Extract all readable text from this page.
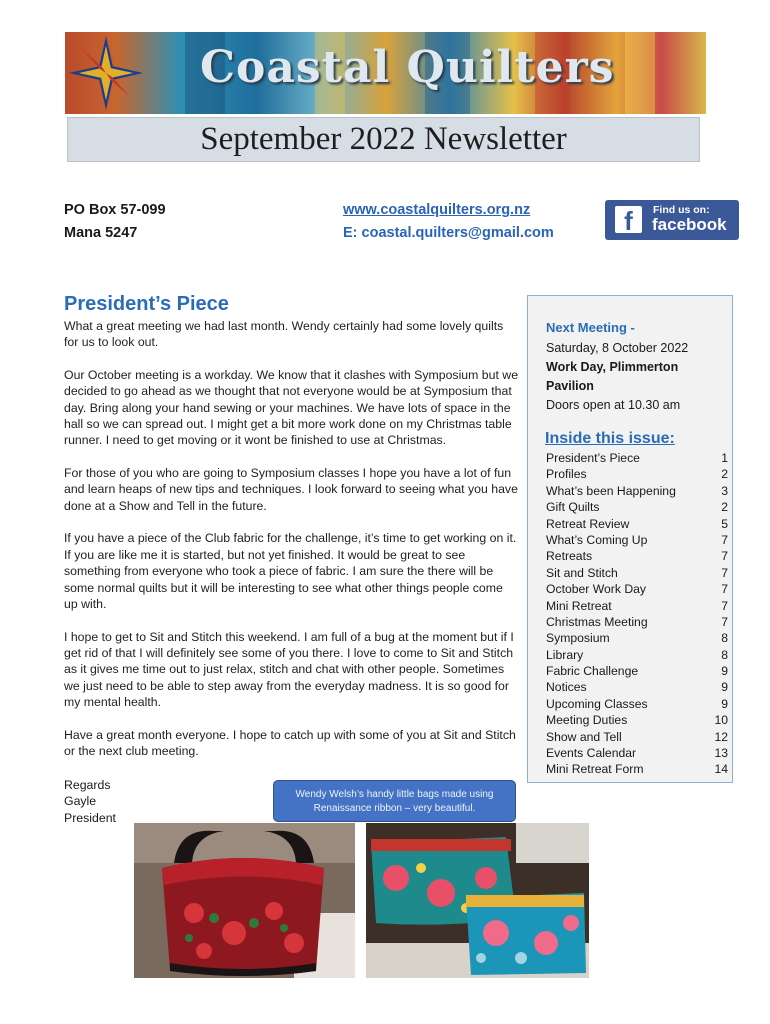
Coastal Quilters
September 2022 Newsletter
PO Box 57-099
Mana 5247
www.coastalquilters.org.nz
E: coastal.quilters@gmail.com	f	Find us on:
facebook
President’s Piece

What a great meeting we had last month. Wendy certainly had some lovely quilts for us to look out.

Our October meeting is a workday. We know that it clashes with Symposium but we decided to go ahead as we thought that not everyone would be at Symposium that day. Bring along your hand sewing or your machines. We have lots of space in the hall so we can spread out. I might get a bit more work done on my Christmas table runner. I need to get moving or it wont be finished to use at Christmas.

For those of you who are going to Symposium classes I hope you have a lot of fun and learn heaps of new tips and techniques. I look forward to seeing what you have done at a Show and Tell in the future.

If you have a piece of the Club fabric for the challenge, it’s time to get working on it. If you are like me it is started, but not yet finished. It would be great to see something from everyone who took a piece of fabric. I am sure the there will be some normal quilts but it will be interesting to see what other things people come up with.

I hope to get to Sit and Stitch this weekend. I am full of a bug at the moment but if I get rid of that I will definitely see some of you there. I love to come to Sit and Stitch as it gives me time out to just relax, stitch and chat with other people. Sometimes we just need to be able to step away from the everyday madness. It is so good for my mental health.

Have a great month everyone. I hope to catch up with some of you at Sit and Stitch or the next club meeting.

Regards
Gayle
President
Next Meeting -
Saturday, 8 October 2022
Work Day, Plimmerton
Pavilion
Doors open at 10.30 am
Inside this issue:
President’s Piece	1
Profiles	2
What’s been Happening	3
Gift Quilts	2
Retreat Review	5
What’s Coming Up	7
Retreats	7
Sit and Stitch	7
October Work Day	7
Mini Retreat	7
Christmas Meeting	7
Symposium	8
Library	8
Fabric Challenge	9
Notices	9
Upcoming Classes	9
Meeting Duties	10
Show and Tell	12
Events Calendar	13
Mini Retreat Form	14
Wendy Welsh’s handy little bags made using
Renaissance ribbon – very beautiful.
